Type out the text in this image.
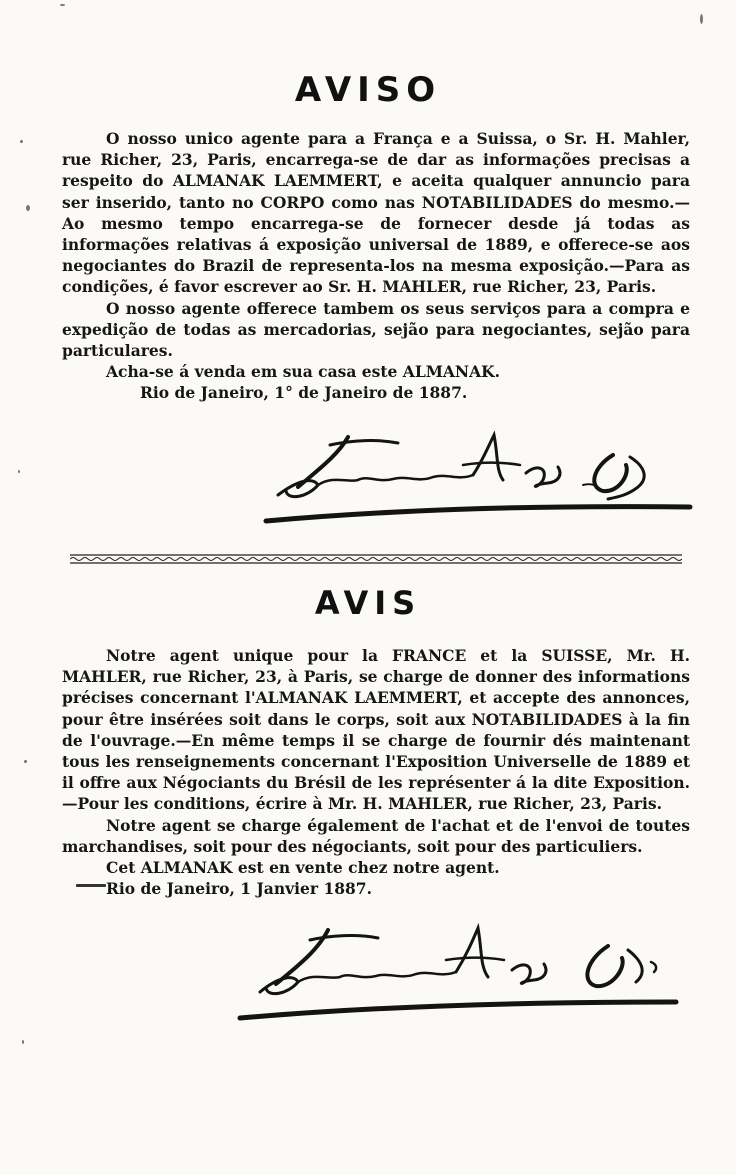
AVISO

O nosso unico agente para a França e a Suissa, o Sr. H. Mahler, rue Richer, 23, Paris, encarrega-se de dar as informações precisas a respeito do ALMANAK LAEMMERT, e aceita qualquer annuncio para ser inserido, tanto no CORPO como nas NOTABILIDADES do mesmo.—Ao mesmo tempo encarrega-se de fornecer desde já todas as informações relativas á exposição universal de 1889, e offerece-se aos negociantes do Brazil de representa-los na mesma exposição.—Para as condições, é favor escrever ao Sr. H. MAHLER, rue Richer, 23, Paris.

O nosso agente offerece tambem os seus serviços para a compra e expedição de todas as mercadorias, sejão para negociantes, sejão para particulares.

Acha-se á venda em sua casa este ALMANAK.

Rio de Janeiro, 1° de Janeiro de 1887.

AVIS

Notre agent unique pour la FRANCE et la SUISSE, Mr. H. MAHLER, rue Richer, 23, à Paris, se charge de donner des informations précises concernant l'ALMANAK LAEMMERT, et accepte des annonces, pour être insérées soit dans le corps, soit aux NOTABILIDADES à la fin de l'ouvrage.—En même temps il se charge de fournir dés maintenant tous les renseignements concernant l'Exposition Universelle de 1889 et il offre aux Négociants du Brésil de les représenter á la dite Exposition. —Pour les conditions, écrire à Mr. H. MAHLER, rue Richer, 23, Paris.

Notre agent se charge également de l'achat et de l'envoi de toutes marchandises, soit pour des négociants, soit pour des particuliers.

Cet ALMANAK est en vente chez notre agent.

Rio de Janeiro, 1 Janvier 1887.
